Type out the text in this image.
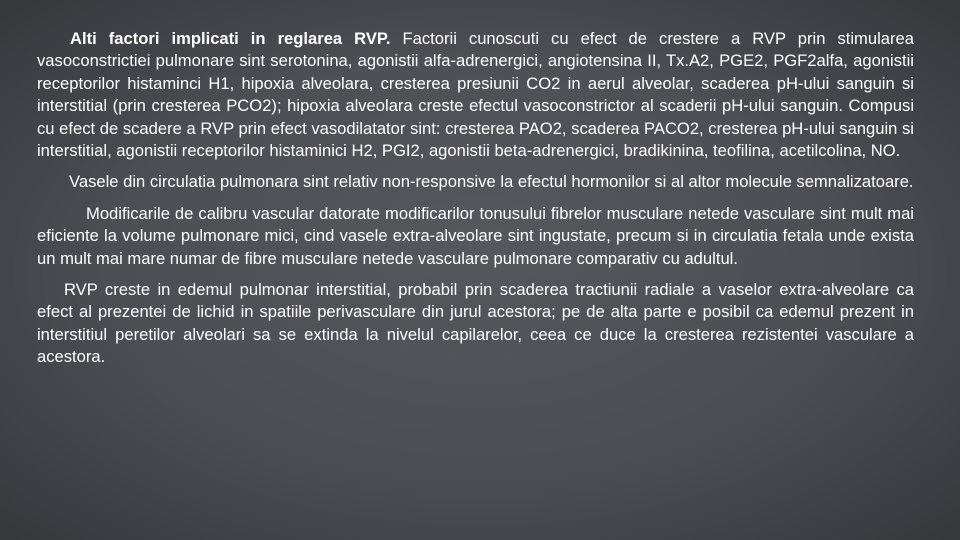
Alti factori implicati in reglarea RVP. Factorii cunoscuti cu efect de crestere a RVP prin stimularea vasoconstrictiei pulmonare sint serotonina, agonistii alfa-adrenergici, angiotensina II, Tx.A2, PGE2, PGF2alfa, agonistii receptorilor histaminci H1, hipoxia alveolara, cresterea presiunii CO2 in aerul alveolar, scaderea pH-ului sanguin si interstitial (prin cresterea PCO2); hipoxia alveolara creste efectul vasoconstrictor al scaderii pH-ului sanguin. Compusi cu efect de scadere a RVP prin efect vasodilatator sint: cresterea PAO2, scaderea PACO2, cresterea pH-ului sanguin si interstitial, agonistii receptorilor histaminici H2, PGI2, agonistii beta-adrenergici, bradikinina, teofilina, acetilcolina, NO.

Vasele din circulatia pulmonara sint relativ non-responsive la efectul hormonilor si al altor molecule semnalizatoare.

Modificarile de calibru vascular datorate modificarilor tonusului fibrelor musculare netede vasculare sint mult mai eficiente la volume pulmonare mici, cind vasele extra-alveolare sint ingustate, precum si in circulatia fetala unde exista un mult mai mare numar de fibre musculare netede vasculare pulmonare comparativ cu adultul.

RVP creste in edemul pulmonar interstitial, probabil prin scaderea tractiunii radiale a vaselor extra-alveolare ca efect al prezentei de lichid in spatiile perivasculare din jurul acestora; pe de alta parte e posibil ca edemul prezent in interstitiul peretilor alveolari sa se extinda la nivelul capilarelor, ceea ce duce la cresterea rezistentei vasculare a acestora.
